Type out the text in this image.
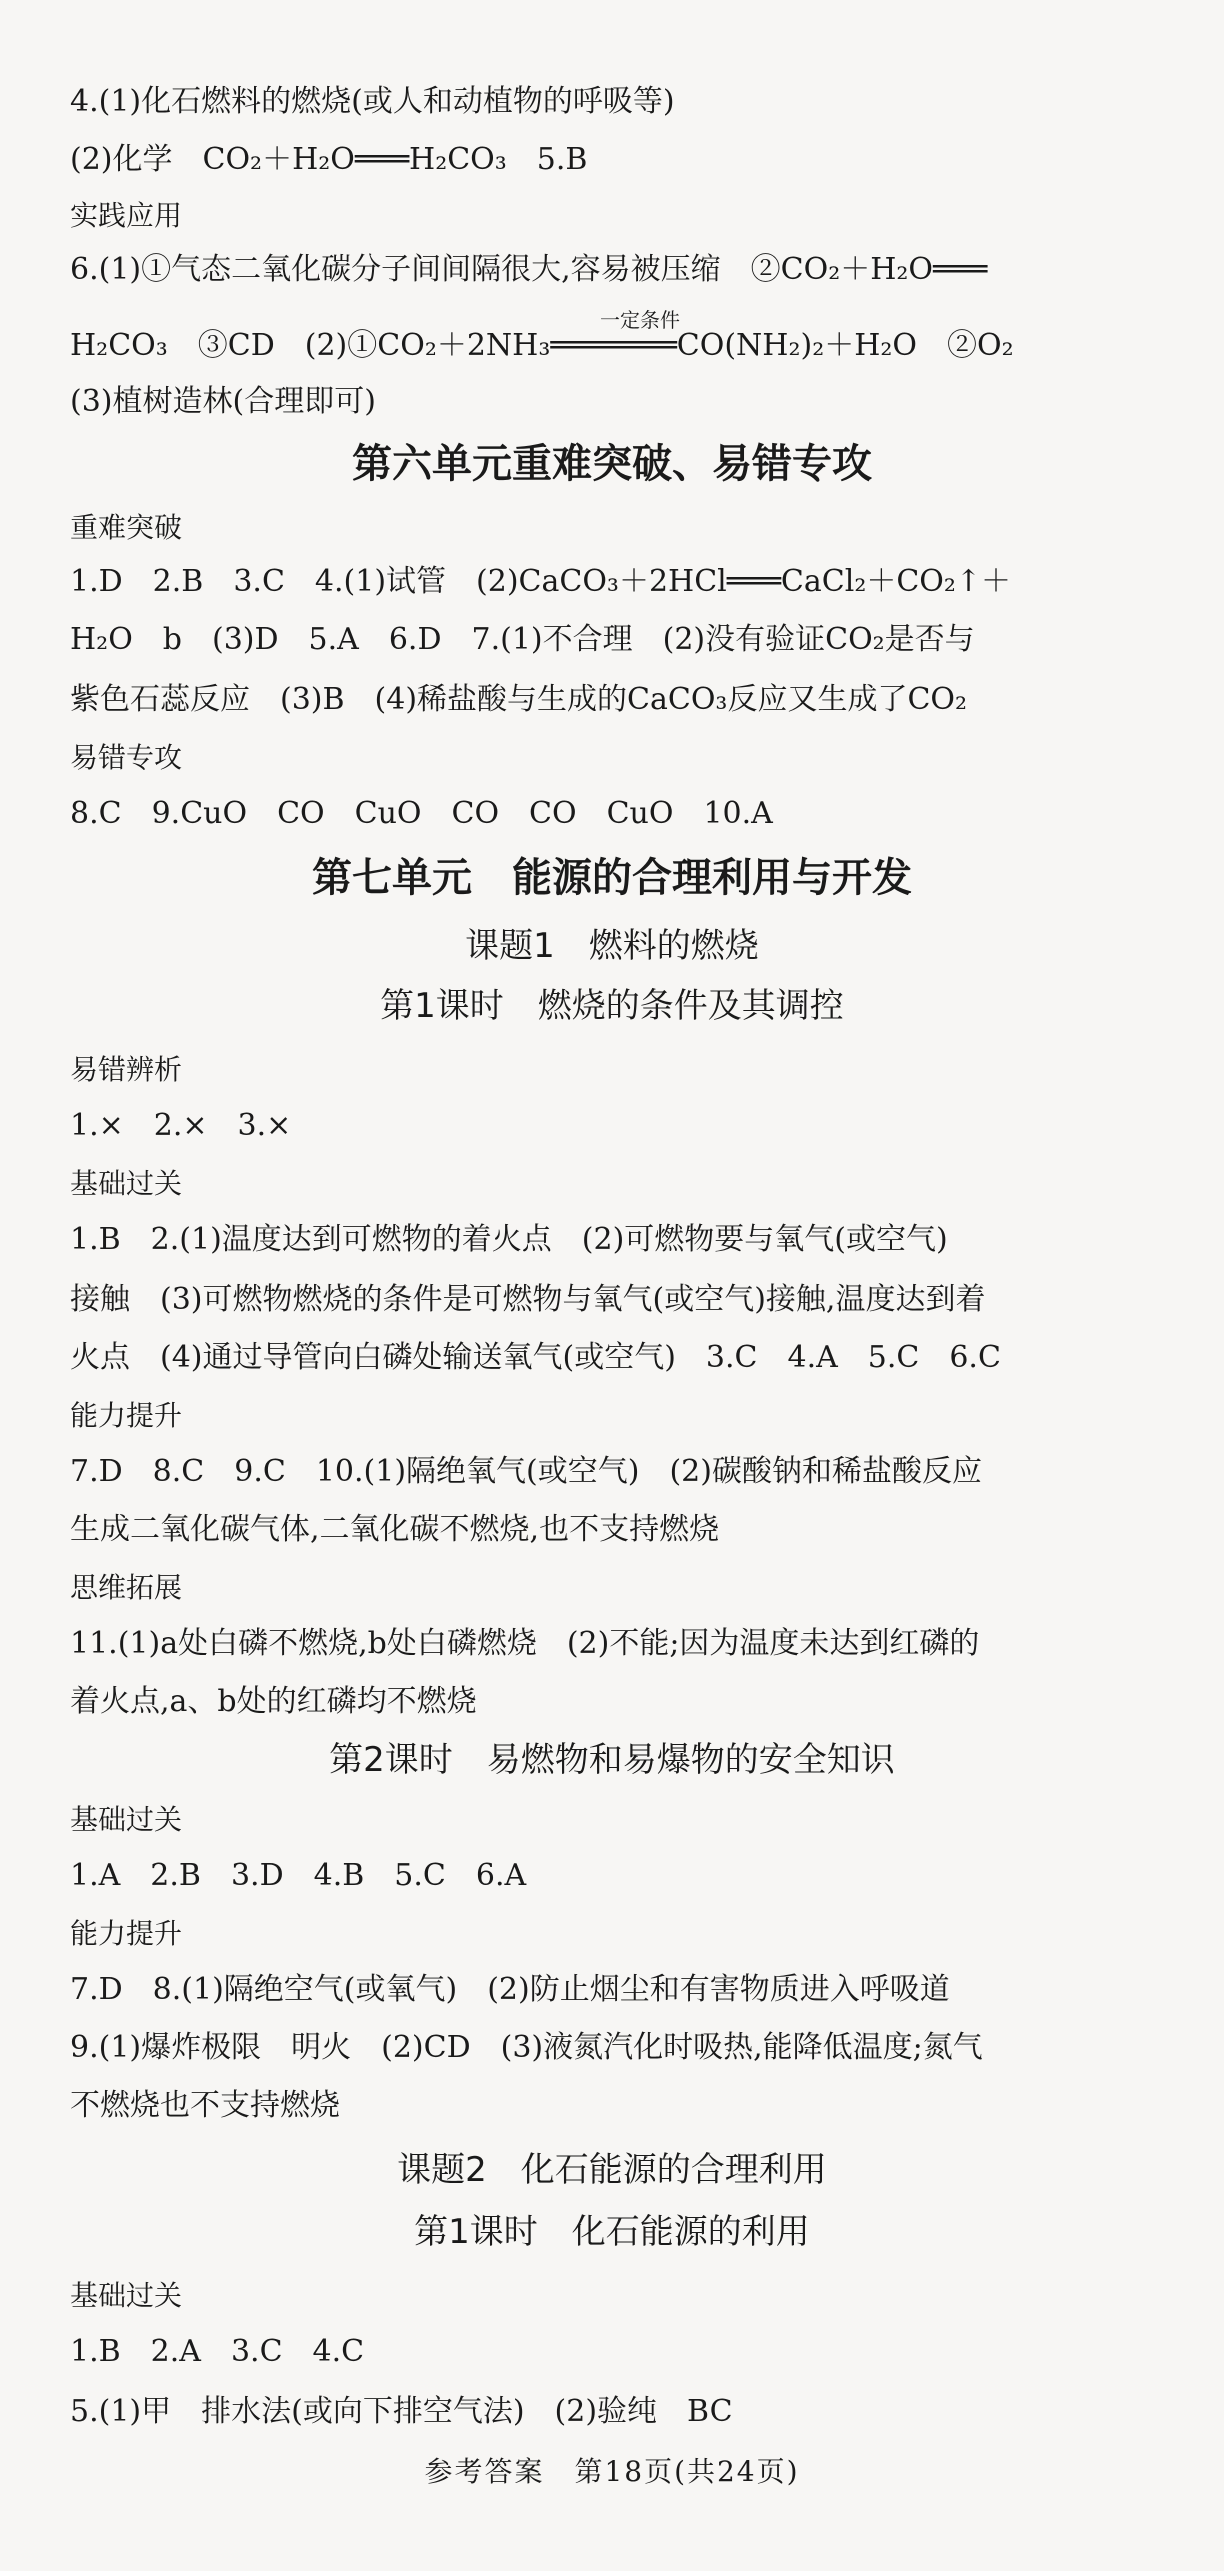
4.(1)化石燃料的燃烧(或人和动植物的呼吸等)
(2)化学　CO₂＋H₂O═══H₂CO₃　5.B
实践应用
6.(1)①气态二氧化碳分子间间隔很大,容易被压缩　②CO₂＋H₂O═══
一定条件
H₂CO₃　③CD　(2)①CO₂＋2NH₃═══════CO(NH₂)₂＋H₂O　②O₂
(3)植树造林(合理即可)
第六单元重难突破、易错专攻
重难突破
1.D　2.B　3.C　4.(1)试管　(2)CaCO₃＋2HCl═══CaCl₂＋CO₂↑＋
H₂O　b　(3)D　5.A　6.D　7.(1)不合理　(2)没有验证CO₂是否与
紫色石蕊反应　(3)B　(4)稀盐酸与生成的CaCO₃反应又生成了CO₂
易错专攻
8.C　9.CuO　CO　CuO　CO　CO　CuO　10.A
第七单元　能源的合理利用与开发
课题1　燃料的燃烧
第1课时　燃烧的条件及其调控
易错辨析
1.×　2.×　3.×
基础过关
1.B　2.(1)温度达到可燃物的着火点　(2)可燃物要与氧气(或空气)
接触　(3)可燃物燃烧的条件是可燃物与氧气(或空气)接触,温度达到着
火点　(4)通过导管向白磷处输送氧气(或空气)　3.C　4.A　5.C　6.C
能力提升
7.D　8.C　9.C　10.(1)隔绝氧气(或空气)　(2)碳酸钠和稀盐酸反应
生成二氧化碳气体,二氧化碳不燃烧,也不支持燃烧
思维拓展
11.(1)a处白磷不燃烧,b处白磷燃烧　(2)不能;因为温度未达到红磷的
着火点,a、b处的红磷均不燃烧
第2课时　易燃物和易爆物的安全知识
基础过关
1.A　2.B　3.D　4.B　5.C　6.A
能力提升
7.D　8.(1)隔绝空气(或氧气)　(2)防止烟尘和有害物质进入呼吸道
9.(1)爆炸极限　明火　(2)CD　(3)液氮汽化时吸热,能降低温度;氮气
不燃烧也不支持燃烧
课题2　化石能源的合理利用
第1课时　化石能源的利用
基础过关
1.B　2.A　3.C　4.C
5.(1)甲　排水法(或向下排空气法)　(2)验纯　BC
参考答案　第18页(共24页)
